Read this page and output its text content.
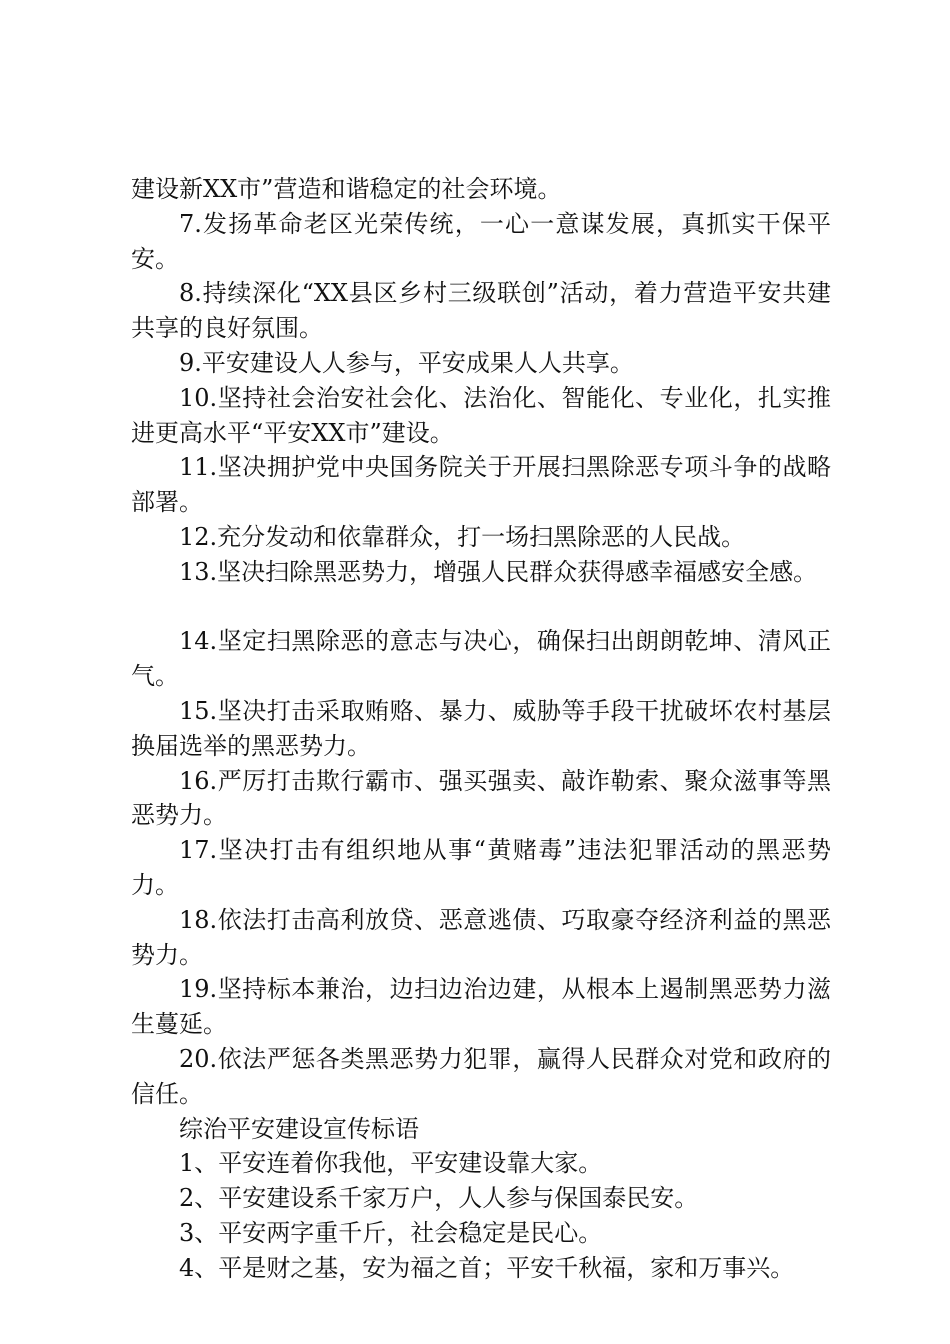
建设新XX市”营造和谐稳定的社会环境。

7.发扬革命老区光荣传统，一心一意谋发展，真抓实干保平安。

8.持续深化“XX县区乡村三级联创”活动，着力营造平安共建共享的良好氛围。

9.平安建设人人参与，平安成果人人共享。

10.坚持社会治安社会化、法治化、智能化、专业化，扎实推进更高水平“平安XX市”建设。

11.坚决拥护党中央国务院关于开展扫黑除恶专项斗争的战略部署。

12.充分发动和依靠群众，打一场扫黑除恶的人民战。

13.坚决扫除黑恶势力，增强人民群众获得感幸福感安全感。

14.坚定扫黑除恶的意志与决心，确保扫出朗朗乾坤、清风正气。

15.坚决打击采取贿赂、暴力、威胁等手段干扰破坏农村基层换届选举的黑恶势力。

16.严厉打击欺行霸市、强买强卖、敲诈勒索、聚众滋事等黑恶势力。

17.坚决打击有组织地从事“黄赌毒”违法犯罪活动的黑恶势力。

18.依法打击高利放贷、恶意逃债、巧取豪夺经济利益的黑恶势力。

19.坚持标本兼治，边扫边治边建，从根本上遏制黑恶势力滋生蔓延。

20.依法严惩各类黑恶势力犯罪，赢得人民群众对党和政府的信任。

综治平安建设宣传标语

1、平安连着你我他，平安建设靠大家。

2、平安建设系千家万户，人人参与保国泰民安。

3、平安两字重千斤，社会稳定是民心。

4、平是财之基，安为福之首；平安千秋福，家和万事兴。
